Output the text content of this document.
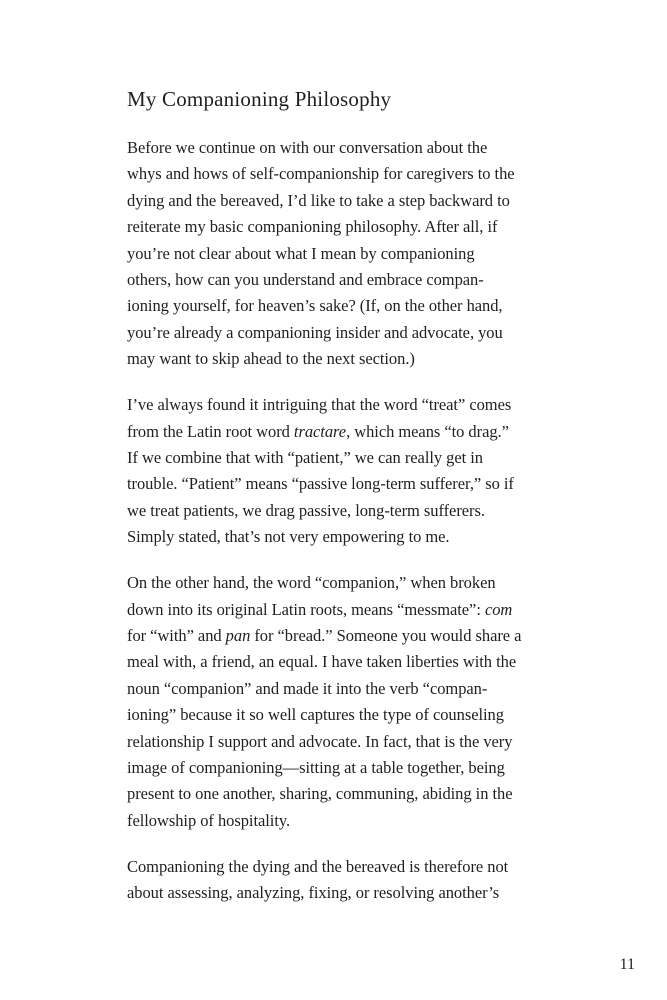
My Companioning Philosophy

Before we continue on with our conversation about the
whys and hows of self-companionship for caregivers to the
dying and the bereaved, I’d like to take a step backward to
reiterate my basic companioning philosophy. After all, if
you’re not clear about what I mean by companioning
others, how can you understand and embrace compan-
ioning yourself, for heaven’s sake? (If, on the other hand,
you’re already a companioning insider and advocate, you
may want to skip ahead to the next section.)

I’ve always found it intriguing that the word “treat” comes
from the Latin root word tractare, which means “to drag.”
If we combine that with “patient,” we can really get in
trouble. “Patient” means “passive long-term sufferer,” so if
we treat patients, we drag passive, long-term sufferers.
Simply stated, that’s not very empowering to me.

On the other hand, the word “companion,” when broken
down into its original Latin roots, means “messmate”: com
for “with” and pan for “bread.” Someone you would share a
meal with, a friend, an equal. I have taken liberties with the
noun “companion” and made it into the verb “compan-
ioning” because it so well captures the type of counseling
relationship I support and advocate. In fact, that is the very
image of companioning—sitting at a table together, being
present to one another, sharing, communing, abiding in the
fellowship of hospitality.

Companioning the dying and the bereaved is therefore not
about assessing, analyzing, fixing, or resolving another’s

11
